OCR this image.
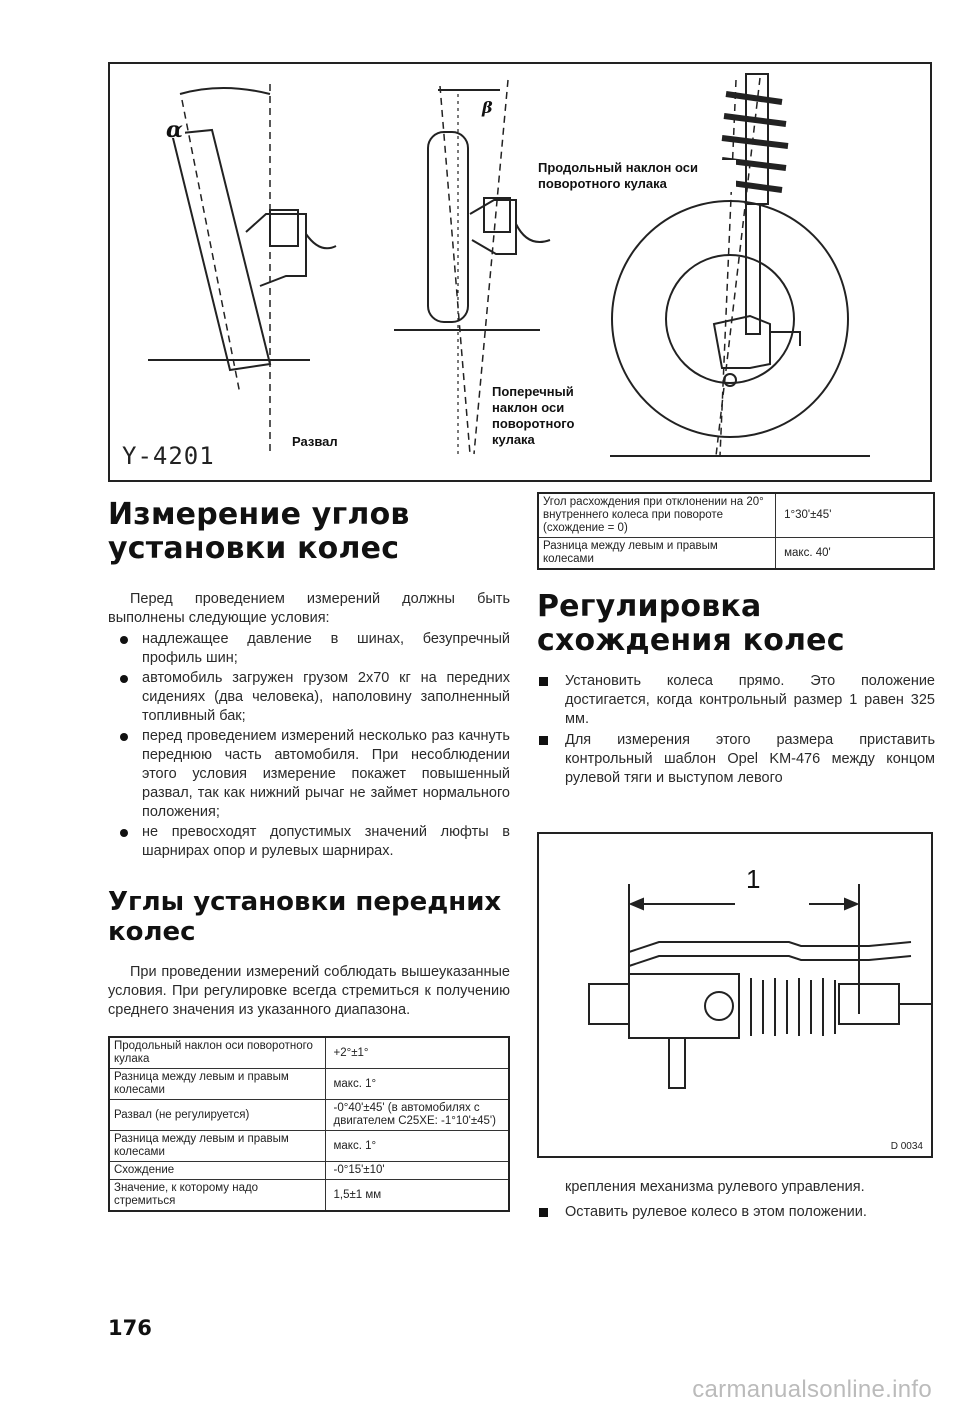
α
β
Продольный наклон оси поворотного кулака
Поперечный наклон оси поворотного кулака
Развал
Y-4201
Измерение углов установки колес

Перед проведением измерений должны быть выполнены следующие условия:

надлежащее давление в шинах, безупречный профиль шин;
автомобиль загружен грузом 2х70 кг на передних сидениях (два человека), наполовину заполненный топливный бак;
перед проведением измерений несколько раз качнуть переднюю часть автомобиля. При несоблюдении этого условия измерение покажет повышенный развал, так как нижний рычаг не займет нормального положения;
не превосходят допустимых значений люфты в шарнирах опор и рулевых шарнирах.
Углы установки передних колес

При проведении измерений соблюдать вышеуказанные условия. При регулировке всегда стремиться к получению среднего значения из указанного диапазона.

Продольный наклон оси поворотного кулака	+2°±1°
Разница между левым и правым колесами	макс. 1°
Развал (не регулируется)	-0°40'±45' (в автомобилях с двигателем C25XE: -1°10'±45')
Разница между левым и правым колесами	макс. 1°
Схождение	-0°15'±10'
Значение, к которому надо стремиться	1,5±1 мм
Угол расхождения при отклонении на 20° внутреннего колеса при повороте (схождение = 0)	1°30'±45'
Разница между левым и правым колесами	макс. 40'
Регулировка схождения колес
Установить колеса прямо. Это положение достигается, когда контрольный размер 1 равен 325 мм.
Для измерения этого размера приставить контрольный шаблон Opel KM-476 между концом рулевой тяги и выступом левого
1
D 0034

крепления механизма рулевого управления.

Оставить рулевое колесо в этом положении.
176
carmanualsonline.info
